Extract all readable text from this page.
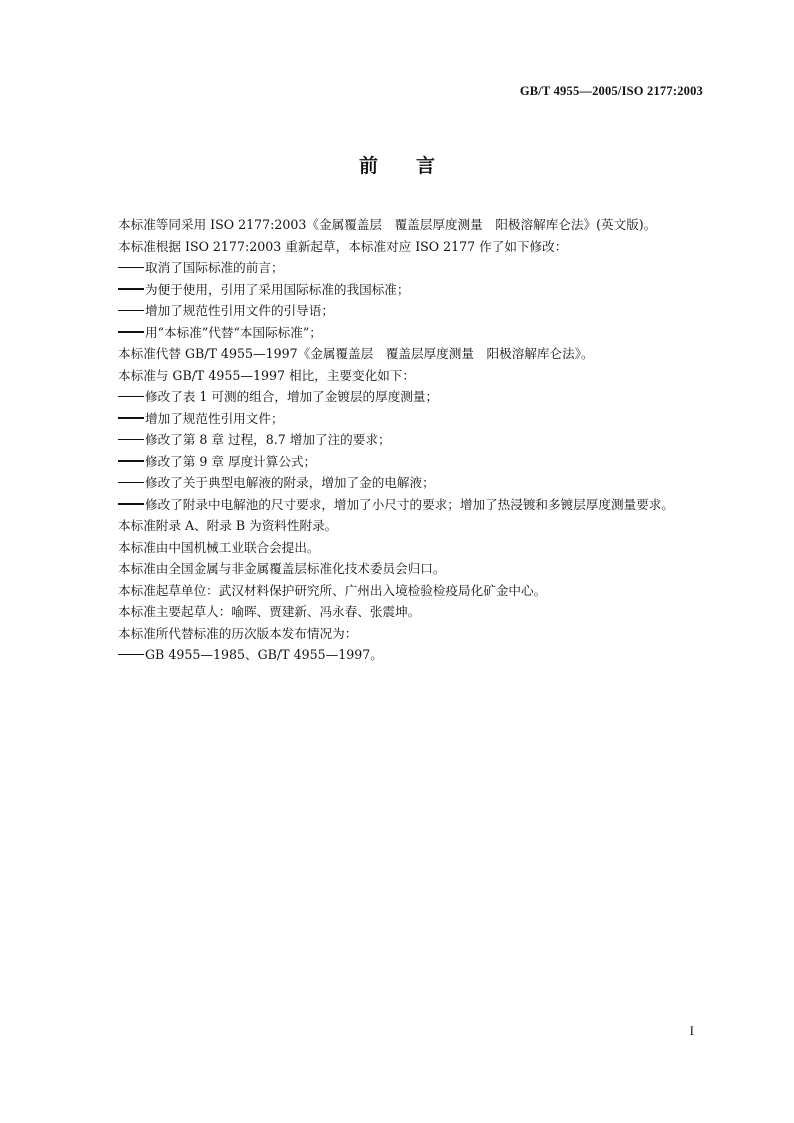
GB/T 4955—2005/ISO 2177:2003
前言
本标准等同采用 ISO 2177:2003《金属覆盖层　覆盖层厚度测量　阳极溶解库仑法》(英文版)。
本标准根据 ISO 2177:2003 重新起草，本标准对应 ISO 2177 作了如下修改：
取消了国际标准的前言；
为便于使用，引用了采用国际标准的我国标准；
增加了规范性引用文件的引导语；
用“本标准”代替“本国际标准”；
本标准代替 GB/T 4955—1997《金属覆盖层　覆盖层厚度测量　阳极溶解库仑法》。
本标准与 GB/T 4955—1997 相比，主要变化如下：
修改了表 1 可测的组合，增加了金镀层的厚度测量；
增加了规范性引用文件；
修改了第 8 章 过程，8.7 增加了注的要求；
修改了第 9 章 厚度计算公式；
修改了关于典型电解液的附录，增加了金的电解液；
修改了附录中电解池的尺寸要求，增加了小尺寸的要求；增加了热浸镀和多镀层厚度测量要求。
本标准附录 A、附录 B 为资料性附录。
本标准由中国机械工业联合会提出。
本标准由全国金属与非金属覆盖层标准化技术委员会归口。
本标准起草单位：武汉材料保护研究所、广州出入境检验检疫局化矿金中心。
本标准主要起草人：喻晖、贾建新、冯永春、张震坤。
本标准所代替标准的历次版本发布情况为：
GB 4955—1985、GB/T 4955—1997。
I
